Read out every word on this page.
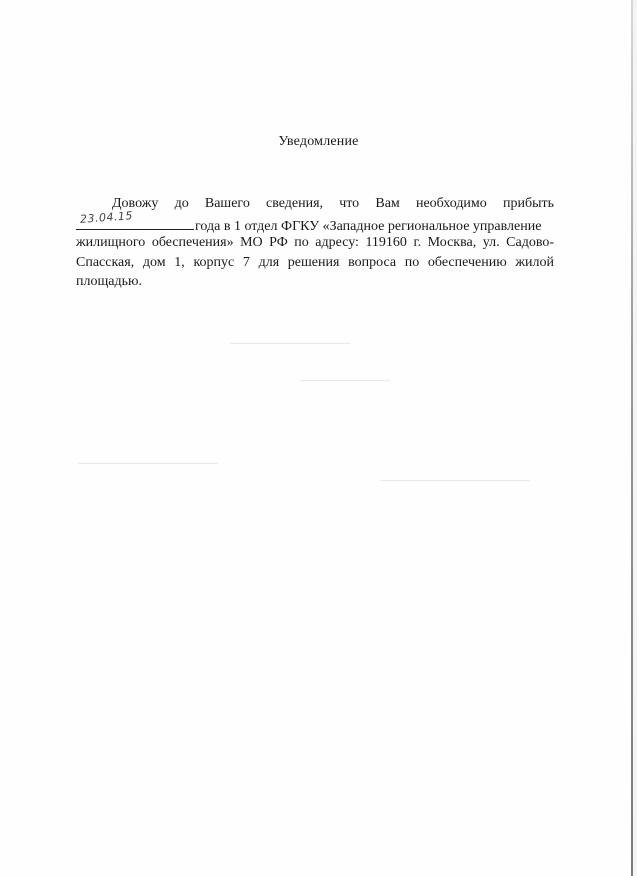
Уведомление
Довожу до Вашего сведения, что Вам необходимо прибыть
23.04.15
года в 1 отдел ФГКУ «Западное региональное управление
жилищного обеспечения» МО РФ по адресу: 119160 г. Москва, ул. Садово-
Спасская, дом 1, корпус 7 для решения вопроса по обеспечению жилой
площадью.
